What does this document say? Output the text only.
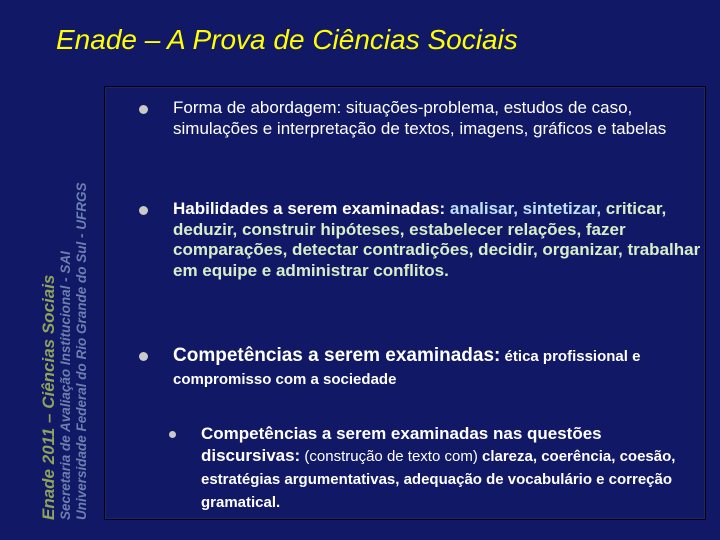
Enade – A Prova de Ciências Sociais
Enade 2011 – Ciências Sociais Secretaria de Avaliação Institucional - SAI Universidade Federal do Rio Grande do Sul - UFRGS
Forma de abordagem: situações-problema, estudos de caso, simulações e interpretação de textos, imagens, gráficos e tabelas
Habilidades a serem examinadas: analisar, sintetizar, criticar, deduzir, construir hipóteses, estabelecer relações, fazer comparações, detectar contradições, decidir, organizar, trabalhar em equipe e administrar conflitos.
Competências a serem examinadas: ética profissional e compromisso com a sociedade
Competências a serem examinadas nas questões discursivas: (construção de texto com) clareza, coerência, coesão, estratégias argumentativas, adequação de vocabulário e correção gramatical.
